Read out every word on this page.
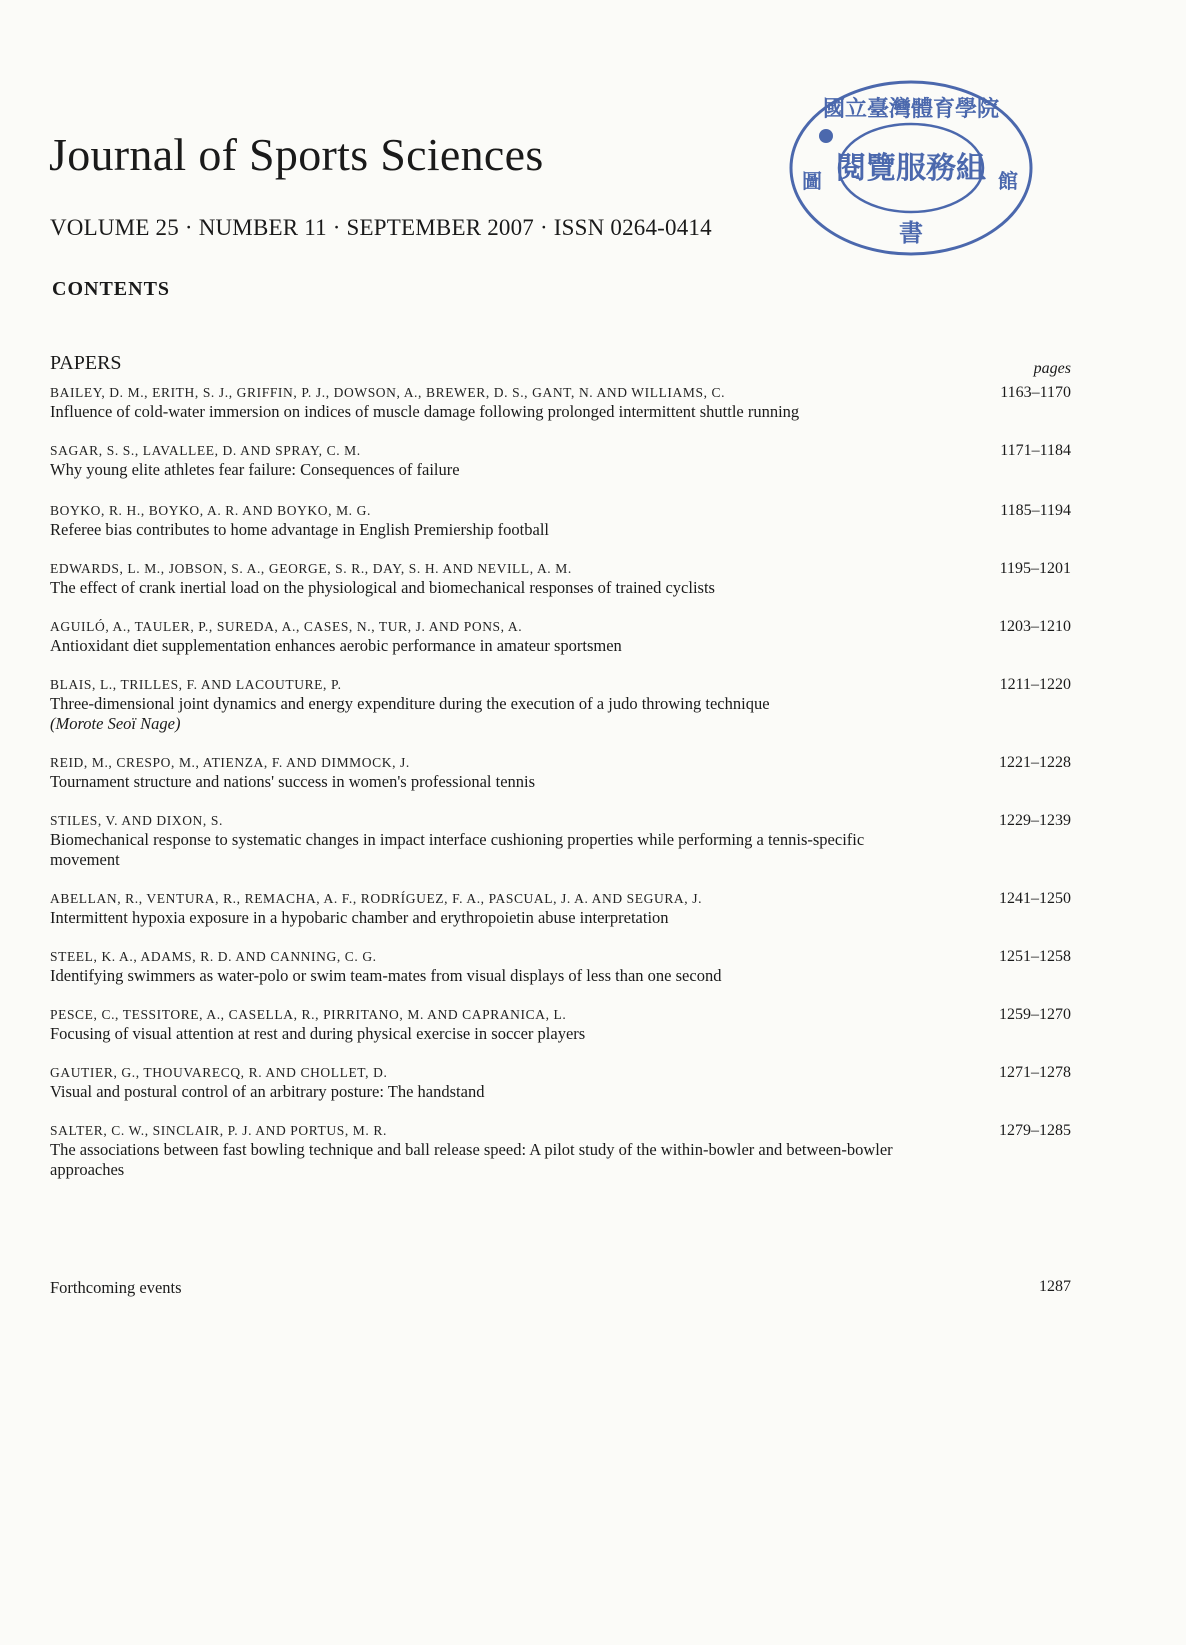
Journal of Sports Sciences
VOLUME 25 · NUMBER 11 · SEPTEMBER 2007 · ISSN 0264-0414
國立臺灣體育學院
閱覽服務組
圖
書
館
CONTENTS
PAPERS	pages
BAILEY, D. M., ERITH, S. J., GRIFFIN, P. J., DOWSON, A., BREWER, D. S., GANT, N. AND WILLIAMS, C.
Influence of cold-water immersion on indices of muscle damage following prolonged intermittent shuttle running
1163–1170
SAGAR, S. S., LAVALLEE, D. AND SPRAY, C. M.
Why young elite athletes fear failure: Consequences of failure
1171–1184
BOYKO, R. H., BOYKO, A. R. AND BOYKO, M. G.
Referee bias contributes to home advantage in English Premiership football
1185–1194
EDWARDS, L. M., JOBSON, S. A., GEORGE, S. R., DAY, S. H. AND NEVILL, A. M.
The effect of crank inertial load on the physiological and biomechanical responses of trained cyclists
1195–1201
AGUILÓ, A., TAULER, P., SUREDA, A., CASES, N., TUR, J. AND PONS, A.
Antioxidant diet supplementation enhances aerobic performance in amateur sportsmen
1203–1210
BLAIS, L., TRILLES, F. AND LACOUTURE, P.
Three-dimensional joint dynamics and energy expenditure during the execution of a judo throwing technique
(Morote Seoï Nage)
1211–1220
REID, M., CRESPO, M., ATIENZA, F. AND DIMMOCK, J.
Tournament structure and nations' success in women's professional tennis
1221–1228
STILES, V. AND DIXON, S.
Biomechanical response to systematic changes in impact interface cushioning properties while performing a tennis-specific movement
1229–1239
ABELLAN, R., VENTURA, R., REMACHA, A. F., RODRÍGUEZ, F. A., PASCUAL, J. A. AND SEGURA, J.
Intermittent hypoxia exposure in a hypobaric chamber and erythropoietin abuse interpretation
1241–1250
STEEL, K. A., ADAMS, R. D. AND CANNING, C. G.
Identifying swimmers as water-polo or swim team-mates from visual displays of less than one second
1251–1258
PESCE, C., TESSITORE, A., CASELLA, R., PIRRITANO, M. AND CAPRANICA, L.
Focusing of visual attention at rest and during physical exercise in soccer players
1259–1270
GAUTIER, G., THOUVARECQ, R. AND CHOLLET, D.
Visual and postural control of an arbitrary posture: The handstand
1271–1278
SALTER, C. W., SINCLAIR, P. J. AND PORTUS, M. R.
The associations between fast bowling technique and ball release speed: A pilot study of the within-bowler and between-bowler approaches
1279–1285
Forthcoming events	1287
